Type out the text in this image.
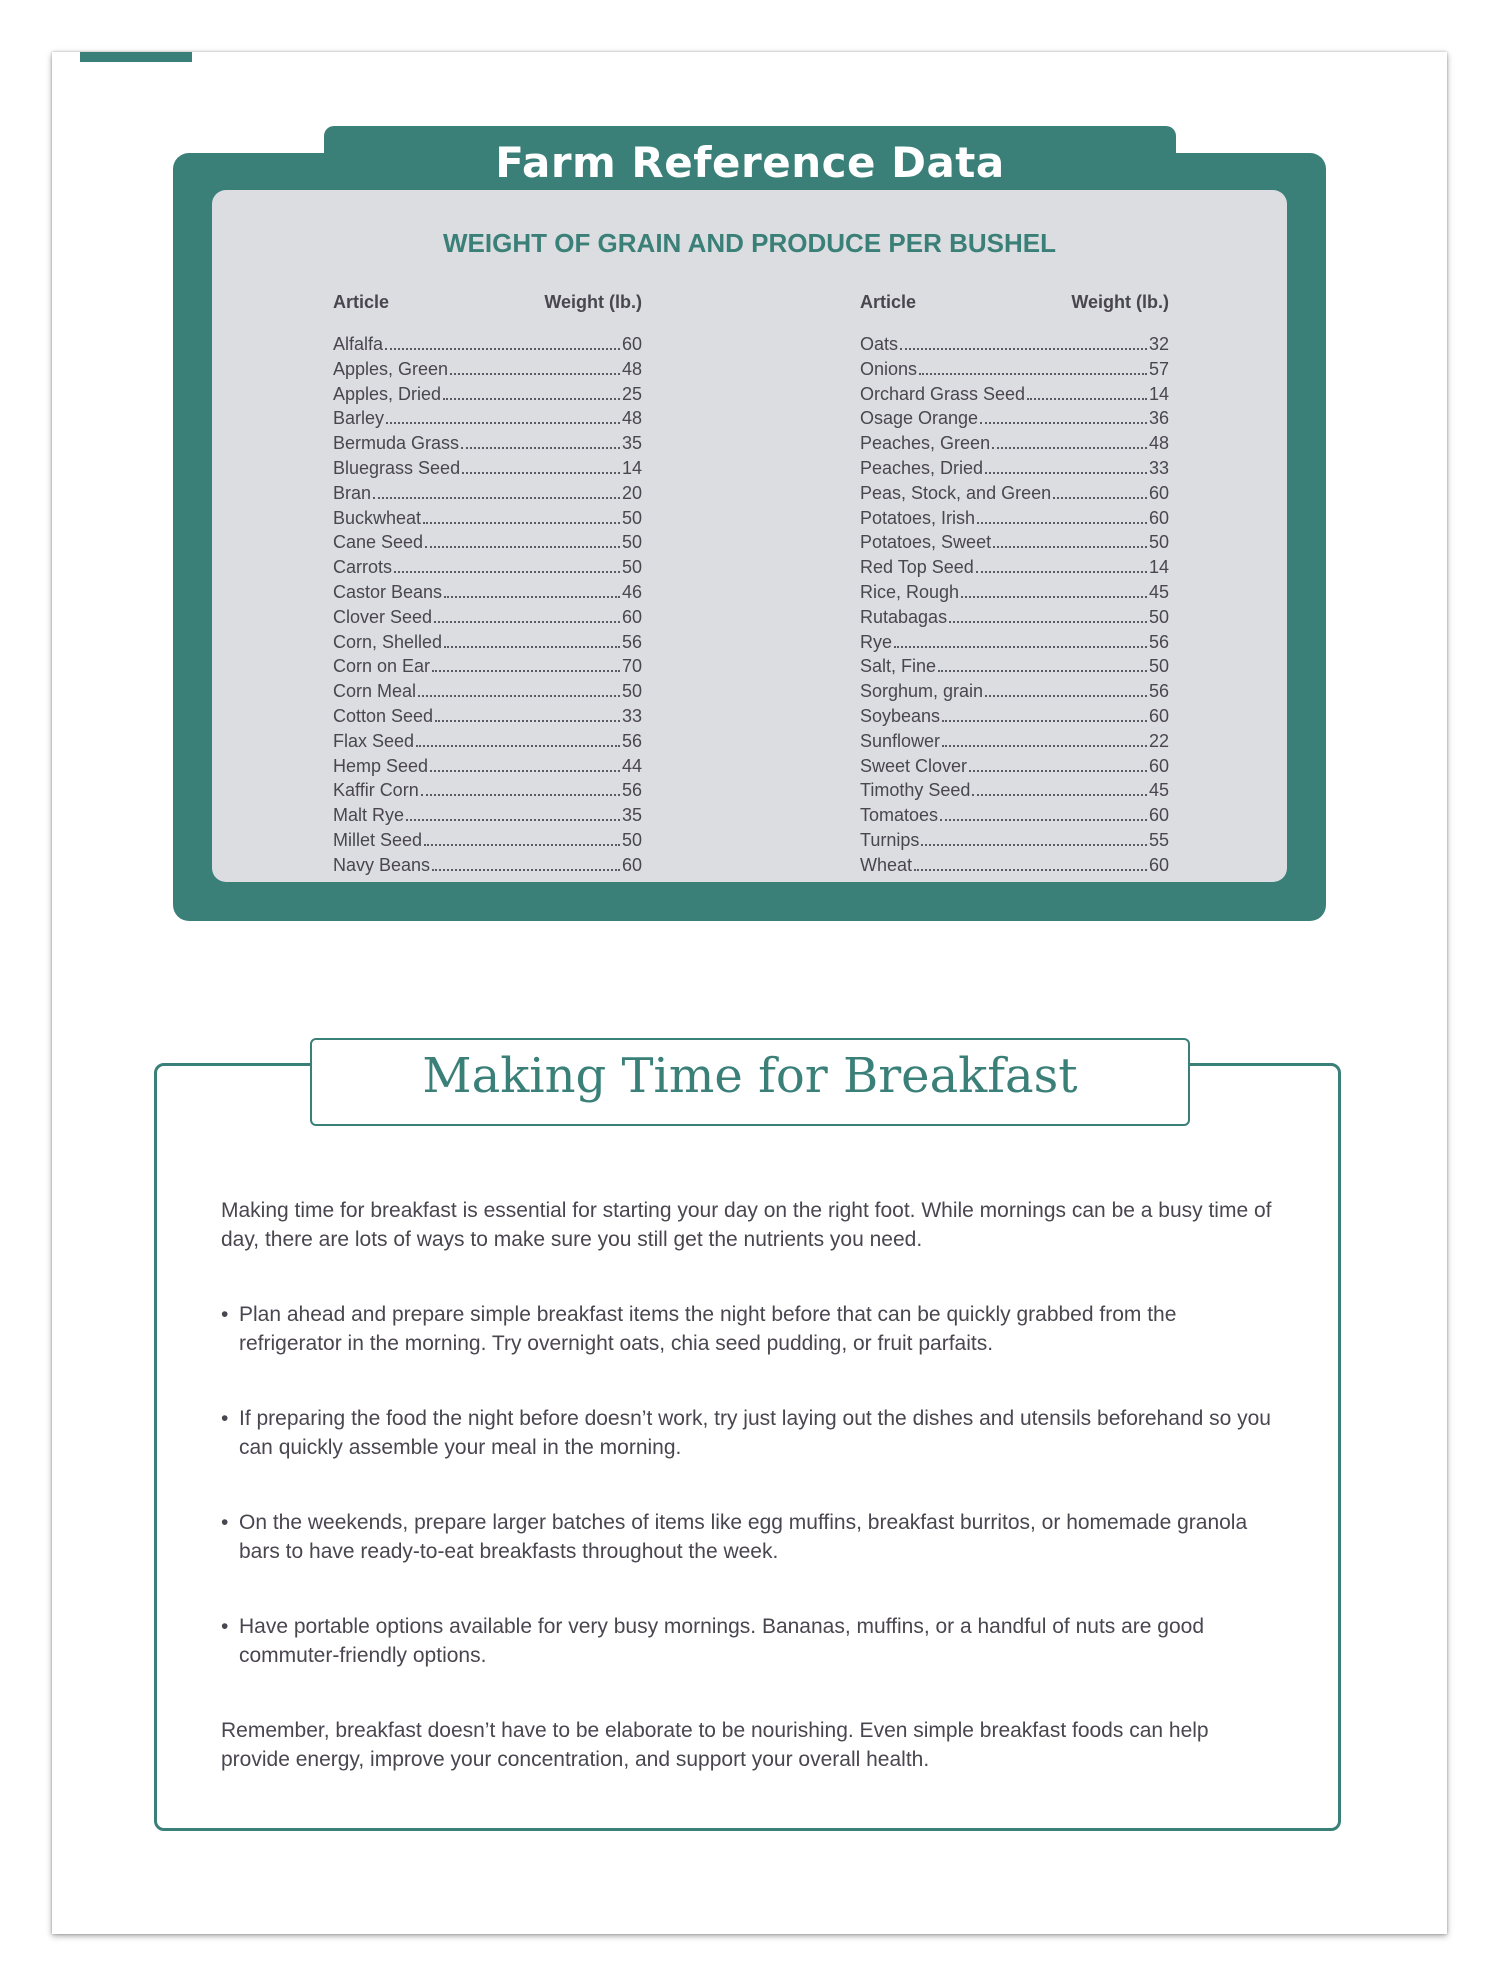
Farm Reference Data
WEIGHT OF GRAIN AND PRODUCE PER BUSHEL
Article	Weight (lb.)
Alfalfa	60
Apples, Green	48
Apples, Dried	25
Barley	48
Bermuda Grass	35
Bluegrass Seed	14
Bran	20
Buckwheat	50
Cane Seed	50
Carrots	50
Castor Beans	46
Clover Seed	60
Corn, Shelled	56
Corn on Ear	70
Corn Meal	50
Cotton Seed	33
Flax Seed	56
Hemp Seed	44
Kaffir Corn	56
Malt Rye	35
Millet Seed	50
Navy Beans	60
Article	Weight (lb.)
Oats	32
Onions	57
Orchard Grass Seed	14
Osage Orange	36
Peaches, Green	48
Peaches, Dried	33
Peas, Stock, and Green	60
Potatoes, Irish	60
Potatoes, Sweet	50
Red Top Seed	14
Rice, Rough	45
Rutabagas	50
Rye	56
Salt, Fine	50
Sorghum, grain	56
Soybeans	60
Sunflower	22
Sweet Clover	60
Timothy Seed	45
Tomatoes	60
Turnips	55
Wheat	60
Making Time for Breakfast
Making time for breakfast is essential for starting your day on the right foot. While mornings can be a busy time of day, there are lots of ways to make sure you still get the nutrients you need.
• Plan ahead and prepare simple breakfast items the night before that can be quickly grabbed from the refrigerator in the morning. Try overnight oats, chia seed pudding, or fruit parfaits.
• If preparing the food the night before doesn’t work, try just laying out the dishes and utensils beforehand so you can quickly assemble your meal in the morning.
• On the weekends, prepare larger batches of items like egg muffins, breakfast burritos, or homemade granola bars to have ready-to-eat breakfasts throughout the week.
• Have portable options available for very busy mornings. Bananas, muffins, or a handful of nuts are good commuter-friendly options.
Remember, breakfast doesn’t have to be elaborate to be nourishing. Even simple breakfast foods can help provide energy, improve your concentration, and support your overall health.
